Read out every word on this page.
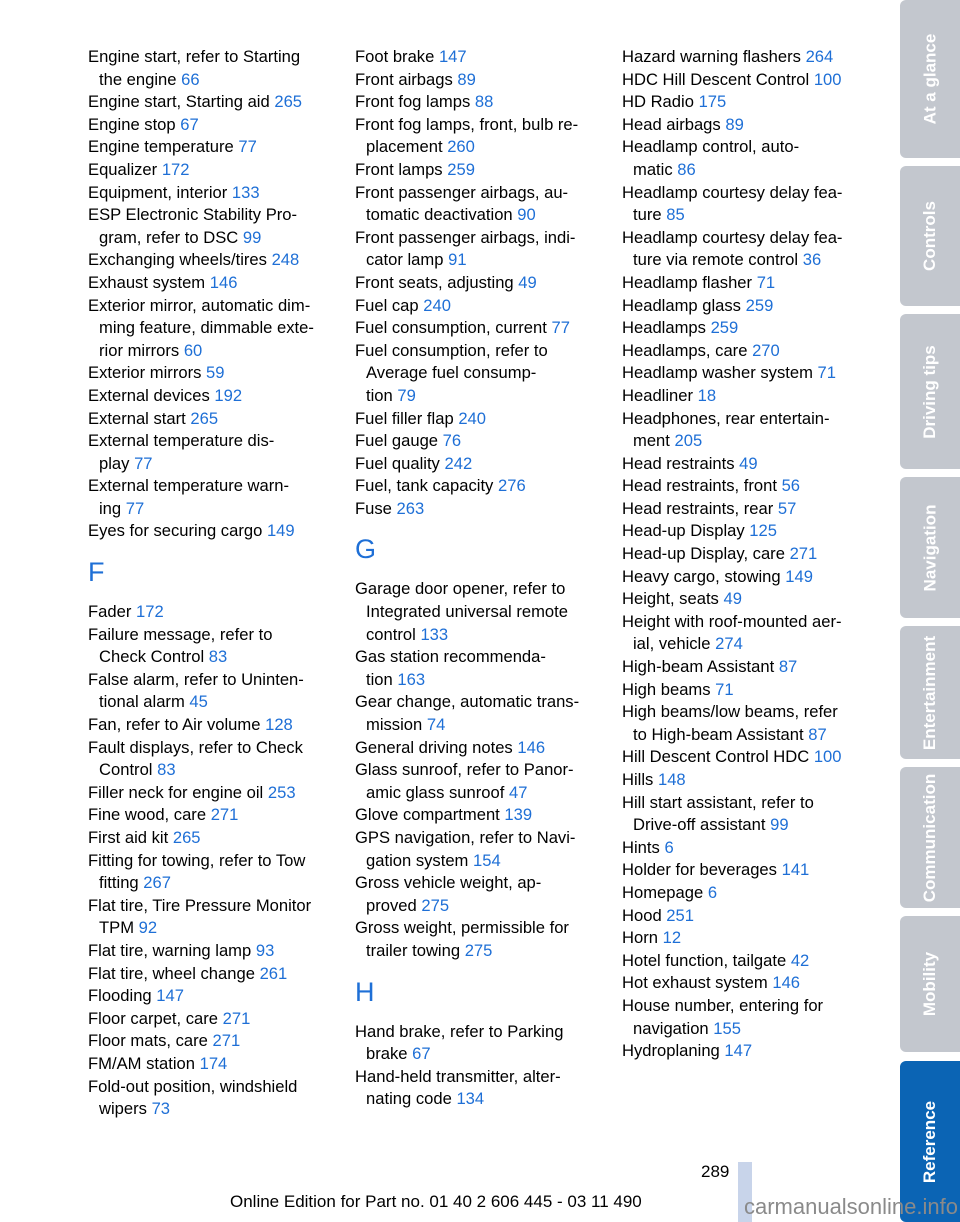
Engine start, refer to Starting
the engine 66
Engine start, Starting aid 265
Engine stop 67
Engine temperature 77
Equalizer 172
Equipment, interior 133
ESP Electronic Stability Pro-
gram, refer to DSC 99
Exchanging wheels/tires 248
Exhaust system 146
Exterior mirror, automatic dim-
ming feature, dimmable exte-
rior mirrors 60
Exterior mirrors 59
External devices 192
External start 265
External temperature dis-
play 77
External temperature warn-
ing 77
Eyes for securing cargo 149
F
Fader 172
Failure message, refer to
Check Control 83
False alarm, refer to Uninten-
tional alarm 45
Fan, refer to Air volume 128
Fault displays, refer to Check
Control 83
Filler neck for engine oil 253
Fine wood, care 271
First aid kit 265
Fitting for towing, refer to Tow
fitting 267
Flat tire, Tire Pressure Monitor
TPM 92
Flat tire, warning lamp 93
Flat tire, wheel change 261
Flooding 147
Floor carpet, care 271
Floor mats, care 271
FM/AM station 174
Fold-out position, windshield
wipers 73
Foot brake 147
Front airbags 89
Front fog lamps 88
Front fog lamps, front, bulb re-
placement 260
Front lamps 259
Front passenger airbags, au-
tomatic deactivation 90
Front passenger airbags, indi-
cator lamp 91
Front seats, adjusting 49
Fuel cap 240
Fuel consumption, current 77
Fuel consumption, refer to
Average fuel consump-
tion 79
Fuel filler flap 240
Fuel gauge 76
Fuel quality 242
Fuel, tank capacity 276
Fuse 263
G
Garage door opener, refer to
Integrated universal remote
control 133
Gas station recommenda-
tion 163
Gear change, automatic trans-
mission 74
General driving notes 146
Glass sunroof, refer to Panor-
amic glass sunroof 47
Glove compartment 139
GPS navigation, refer to Navi-
gation system 154
Gross vehicle weight, ap-
proved 275
Gross weight, permissible for
trailer towing 275
H
Hand brake, refer to Parking
brake 67
Hand-held transmitter, alter-
nating code 134
Hazard warning flashers 264
HDC Hill Descent Control 100
HD Radio 175
Head airbags 89
Headlamp control, auto-
matic 86
Headlamp courtesy delay fea-
ture 85
Headlamp courtesy delay fea-
ture via remote control 36
Headlamp flasher 71
Headlamp glass 259
Headlamps 259
Headlamps, care 270
Headlamp washer system 71
Headliner 18
Headphones, rear entertain-
ment 205
Head restraints 49
Head restraints, front 56
Head restraints, rear 57
Head-up Display 125
Head-up Display, care 271
Heavy cargo, stowing 149
Height, seats 49
Height with roof-mounted aer-
ial, vehicle 274
High-beam Assistant 87
High beams 71
High beams/low beams, refer
to High-beam Assistant 87
Hill Descent Control HDC 100
Hills 148
Hill start assistant, refer to
Drive-off assistant 99
Hints 6
Holder for beverages 141
Homepage 6
Hood 251
Horn 12
Hotel function, tailgate 42
Hot exhaust system 146
House number, entering for
navigation 155
Hydroplaning 147
At a glance
Controls
Driving tips
Navigation
Entertainment
Communication
Mobility
Reference
289
Online Edition for Part no. 01 40 2 606 445 - 03 11 490	carmanualsonline.info
